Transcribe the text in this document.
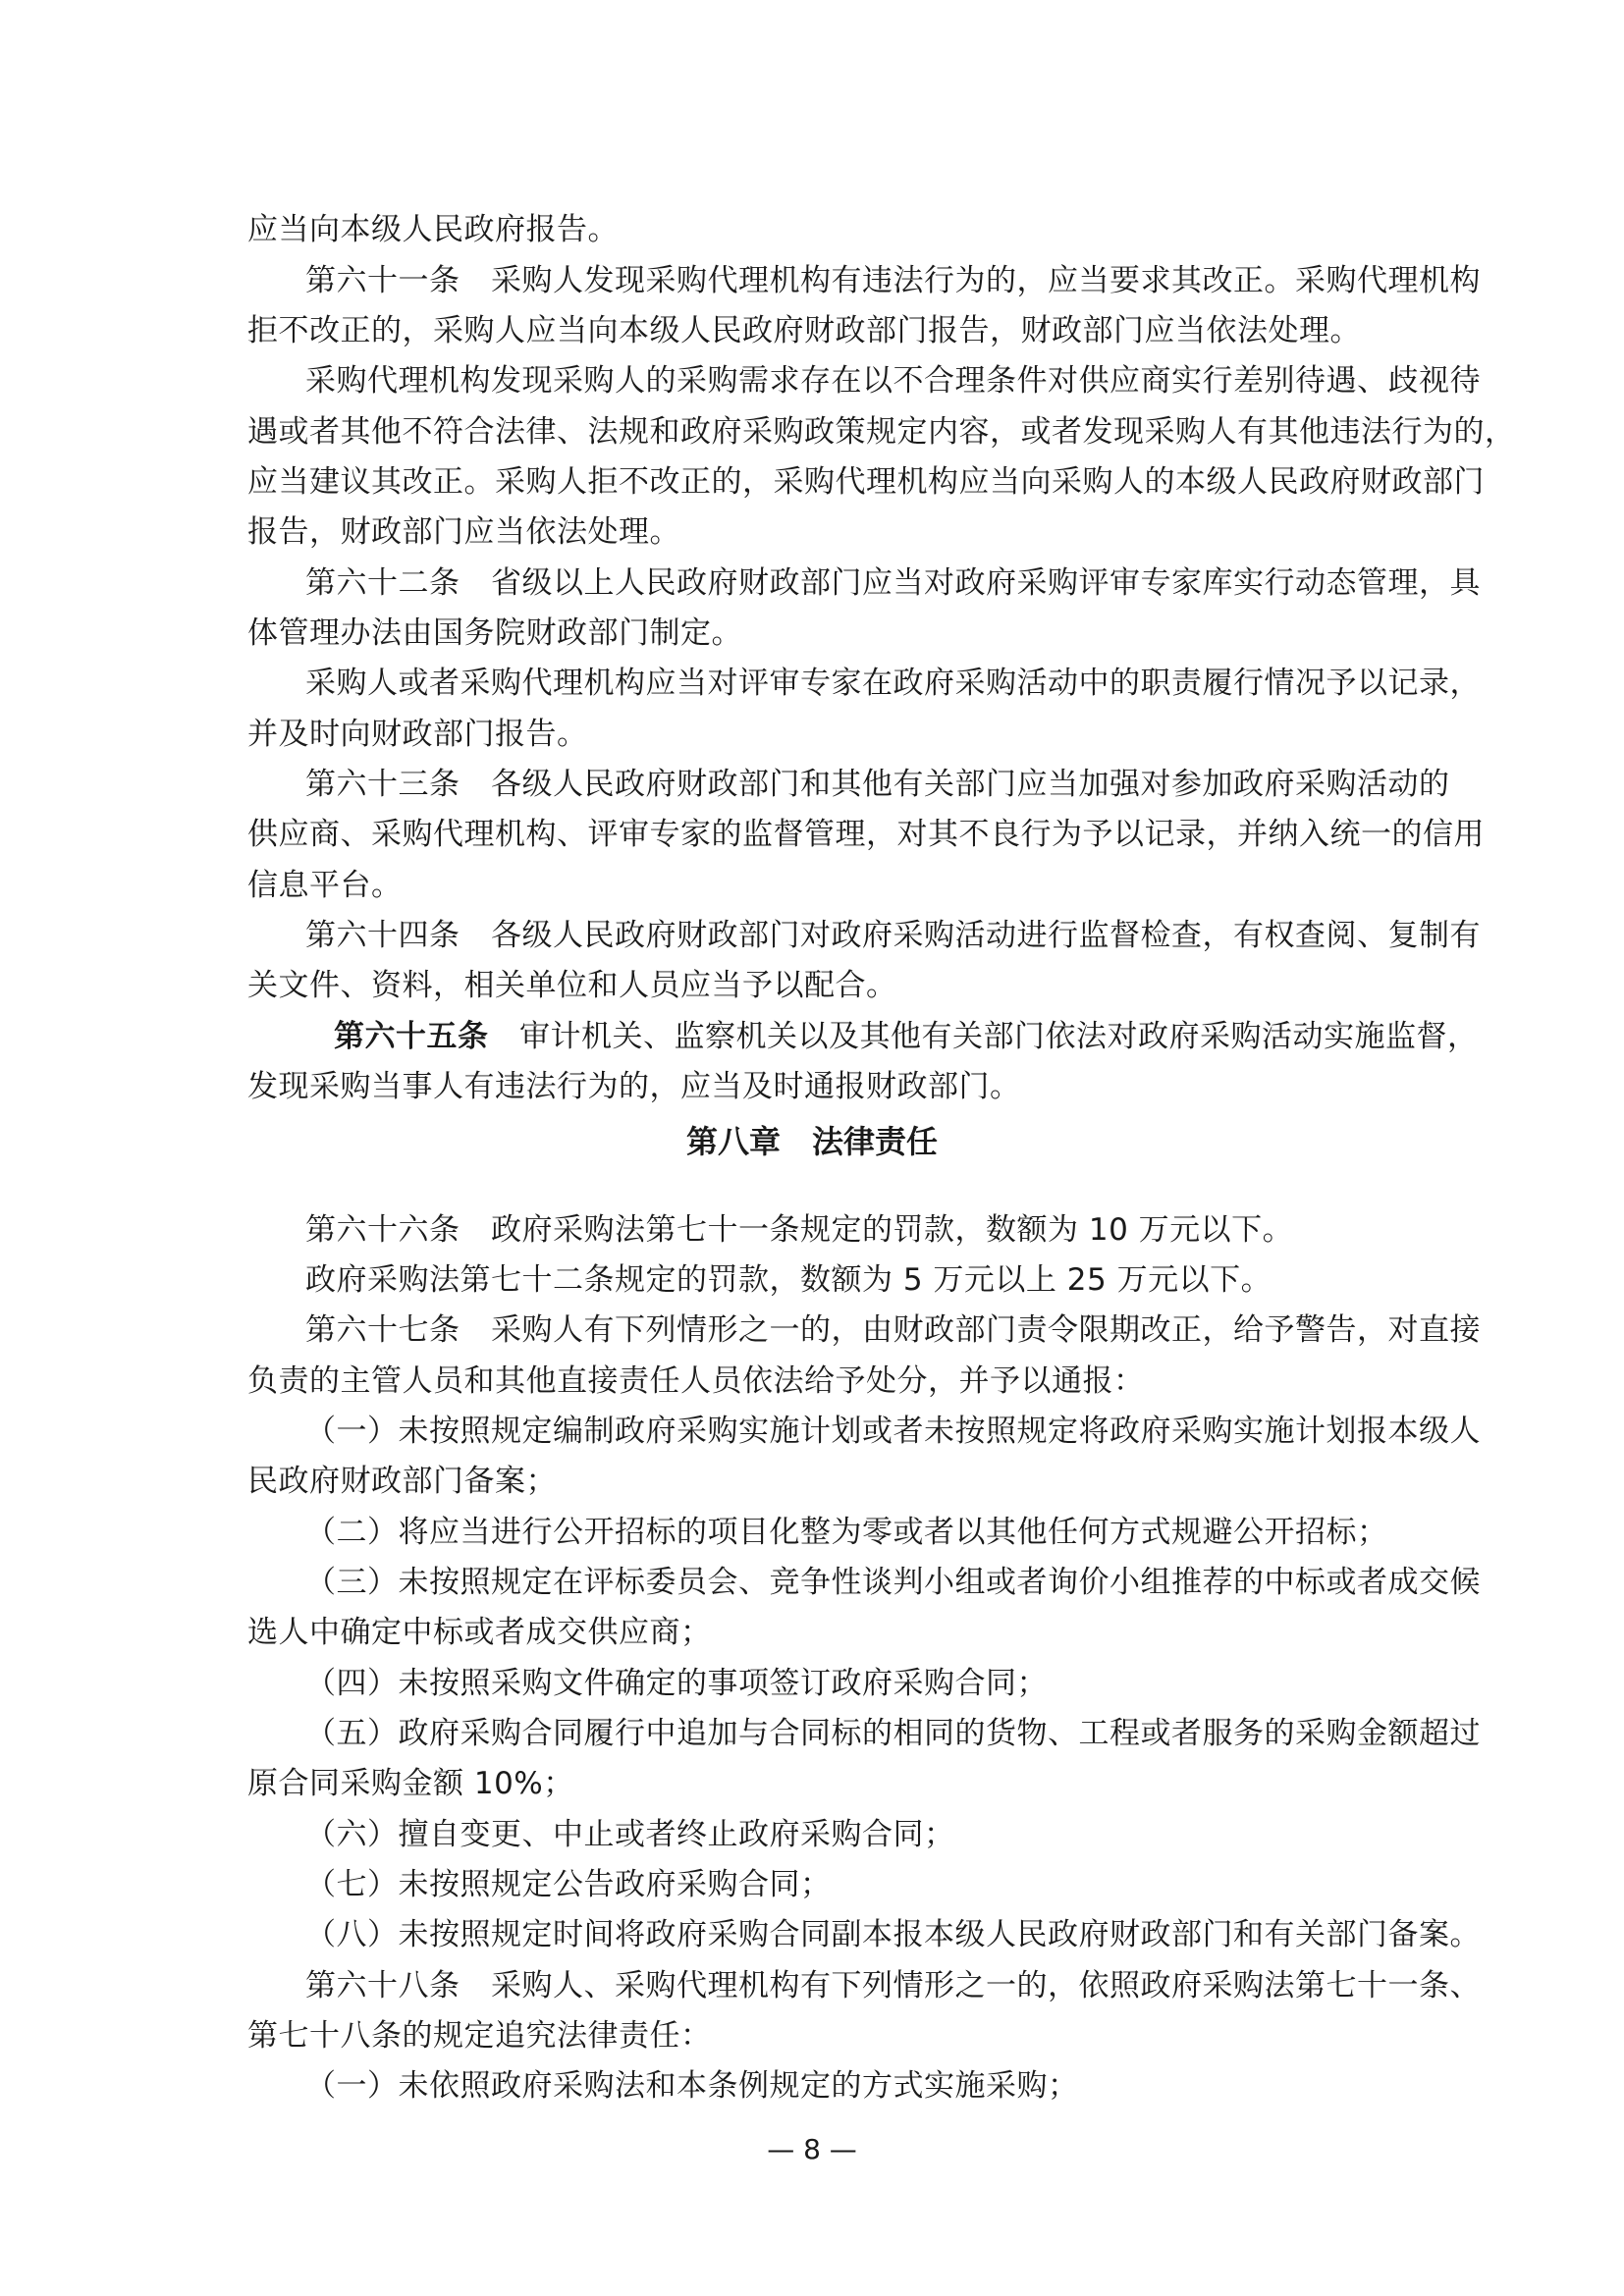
应当向本级人民政府报告。
第六十一条　采购人发现采购代理机构有违法行为的，应当要求其改正。采购代理机构
拒不改正的，采购人应当向本级人民政府财政部门报告，财政部门应当依法处理。
采购代理机构发现采购人的采购需求存在以不合理条件对供应商实行差别待遇、歧视待
遇或者其他不符合法律、法规和政府采购政策规定内容，或者发现采购人有其他违法行为的，
应当建议其改正。采购人拒不改正的，采购代理机构应当向采购人的本级人民政府财政部门
报告，财政部门应当依法处理。
第六十二条　省级以上人民政府财政部门应当对政府采购评审专家库实行动态管理，具
体管理办法由国务院财政部门制定。
采购人或者采购代理机构应当对评审专家在政府采购活动中的职责履行情况予以记录，
并及时向财政部门报告。
第六十三条　各级人民政府财政部门和其他有关部门应当加强对参加政府采购活动的
供应商、采购代理机构、评审专家的监督管理，对其不良行为予以记录，并纳入统一的信用
信息平台。
第六十四条　各级人民政府财政部门对政府采购活动进行监督检查，有权查阅、复制有
关文件、资料，相关单位和人员应当予以配合。
第六十五条　审计机关、监察机关以及其他有关部门依法对政府采购活动实施监督，
发现采购当事人有违法行为的，应当及时通报财政部门。
第八章　法律责任
第六十六条　政府采购法第七十一条规定的罚款，数额为 10 万元以下。
政府采购法第七十二条规定的罚款，数额为 5 万元以上 25 万元以下。
第六十七条　采购人有下列情形之一的，由财政部门责令限期改正，给予警告，对直接
负责的主管人员和其他直接责任人员依法给予处分，并予以通报：
（一）未按照规定编制政府采购实施计划或者未按照规定将政府采购实施计划报本级人
民政府财政部门备案；
（二）将应当进行公开招标的项目化整为零或者以其他任何方式规避公开招标；
（三）未按照规定在评标委员会、竞争性谈判小组或者询价小组推荐的中标或者成交候
选人中确定中标或者成交供应商；
（四）未按照采购文件确定的事项签订政府采购合同；
（五）政府采购合同履行中追加与合同标的相同的货物、工程或者服务的采购金额超过
原合同采购金额 10%；
（六）擅自变更、中止或者终止政府采购合同；
（七）未按照规定公告政府采购合同；
（八）未按照规定时间将政府采购合同副本报本级人民政府财政部门和有关部门备案。
第六十八条　采购人、采购代理机构有下列情形之一的，依照政府采购法第七十一条、
第七十八条的规定追究法律责任：
（一）未依照政府采购法和本条例规定的方式实施采购；
— 8 —
